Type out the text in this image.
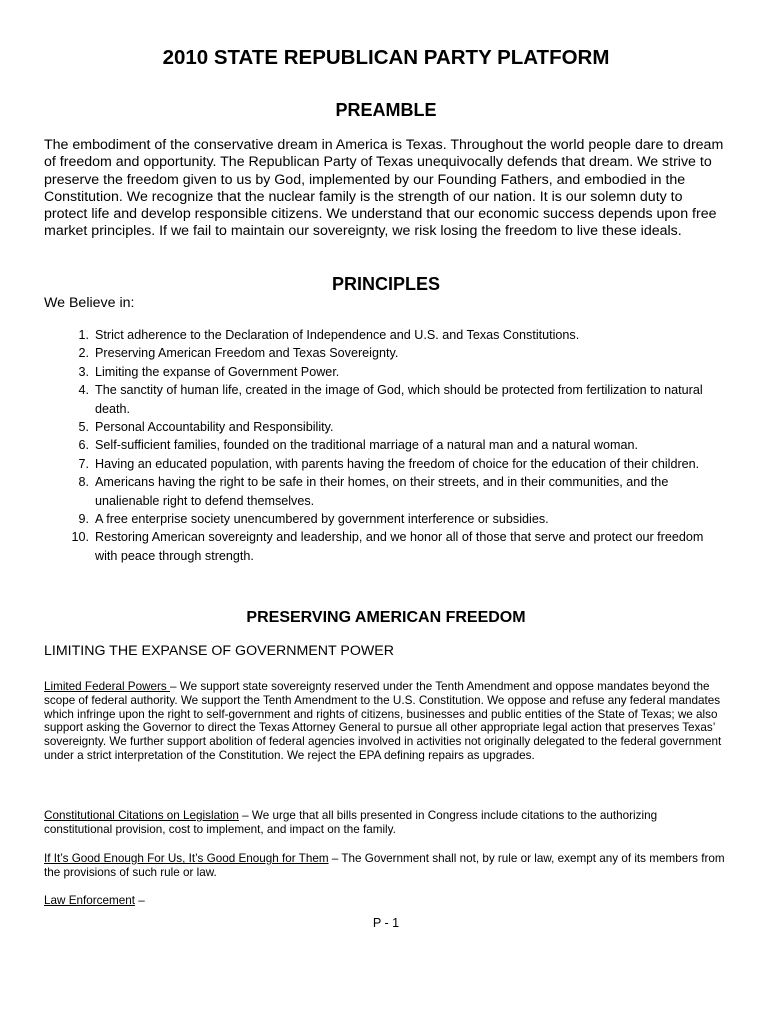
2010 STATE REPUBLICAN PARTY PLATFORM
PREAMBLE

The embodiment of the conservative dream in America is Texas. Throughout the world people dare to dream of freedom and opportunity. The Republican Party of Texas unequivocally defends that dream. We strive to preserve the freedom given to us by God, implemented by our Founding Fathers, and embodied in the Constitution. We recognize that the nuclear family is the strength of our nation. It is our solemn duty to protect life and develop responsible citizens. We understand that our economic success depends upon free market principles. If we fail to maintain our sovereignty, we risk losing the freedom to live these ideals.

PRINCIPLES

We Believe in:

1. Strict adherence to the Declaration of Independence and U.S. and Texas Constitutions.
2. Preserving American Freedom and Texas Sovereignty.
3. Limiting the expanse of Government Power.
4. The sanctity of human life, created in the image of God, which should be protected from fertilization to natural death.
5. Personal Accountability and Responsibility.
6. Self-sufficient families, founded on the traditional marriage of a natural man and a natural woman.
7. Having an educated population, with parents having the freedom of choice for the education of their children.
8. Americans having the right to be safe in their homes, on their streets, and in their communities, and the unalienable right to defend themselves.
9. A free enterprise society unencumbered by government interference or subsidies.
10. Restoring American sovereignty and leadership, and we honor all of those that serve and protect our freedom with peace through strength.
PRESERVING AMERICAN FREEDOM

LIMITING THE EXPANSE OF GOVERNMENT POWER

Limited Federal Powers – We support state sovereignty reserved under the Tenth Amendment and oppose mandates beyond the scope of federal authority. We support the Tenth Amendment to the U.S. Constitution. We oppose and refuse any federal mandates which infringe upon the right to self-government and rights of citizens, businesses and public entities of the State of Texas; we also support asking the Governor to direct the Texas Attorney General to pursue all other appropriate legal action that preserves Texas’ sovereignty. We further support abolition of federal agencies involved in activities not originally delegated to the federal government under a strict interpretation of the Constitution. We reject the EPA defining repairs as upgrades.

Constitutional Citations on Legislation – We urge that all bills presented in Congress include citations to the authorizing constitutional provision, cost to implement, and impact on the family.

If It’s Good Enough For Us, It’s Good Enough for Them – The Government shall not, by rule or law, exempt any of its members from the provisions of such rule or law.

Law Enforcement –

P - 1
